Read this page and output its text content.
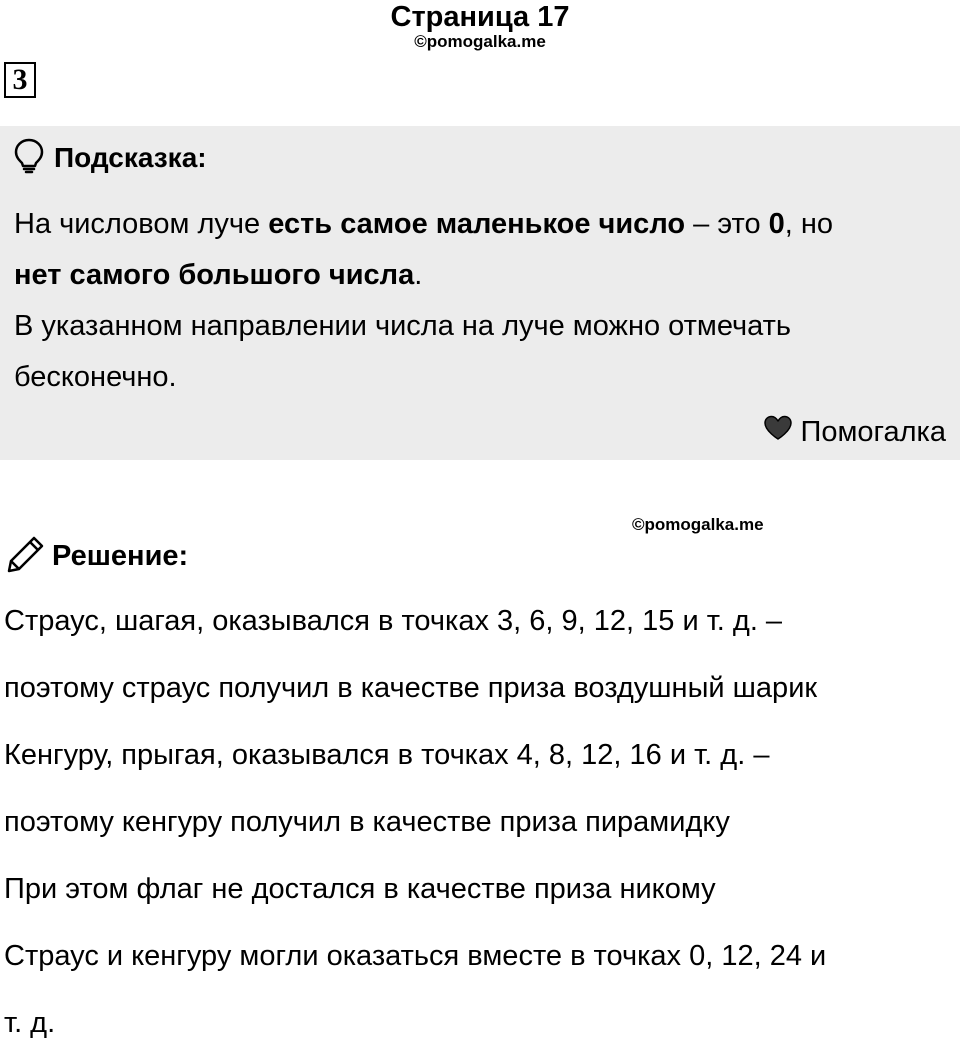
Страница 17
©pomogalka.me
3
Подсказка:
На числовом луче есть самое маленькое число – это 0, но
нет самого большого числа.
В указанном направлении числа на луче можно отмечать бесконечно.
Помогалка
©pomogalka.me
Решение:
Страус, шагая, оказывался в точках 3, 6, 9, 12, 15 и т. д. –
поэтому страус получил в качестве приза воздушный шарик
Кенгуру, прыгая, оказывался в точках 4, 8, 12, 16 и т. д. –
поэтому кенгуру получил в качестве приза пирамидку
При этом флаг не достался в качестве приза никому
Страус и кенгуру могли оказаться вместе в точках 0, 12, 24 и
т. д.
